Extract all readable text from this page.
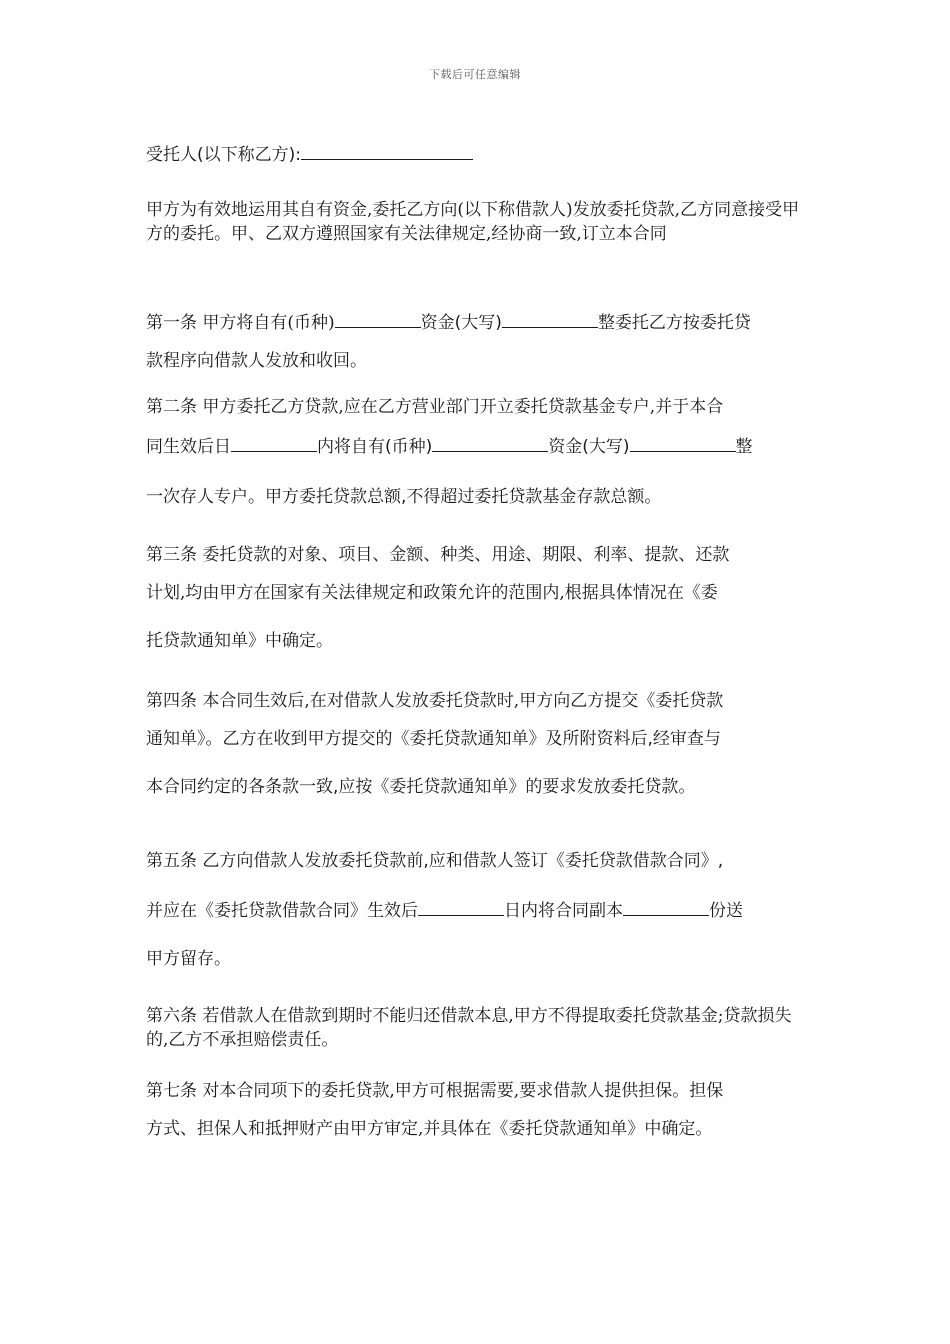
下载后可任意编辑
受托人(以下称乙方):

甲方为有效地运用其自有资金,委托乙方向(以下称借款人)发放委托贷款,乙方同意接受甲方的委托。甲、乙双方遵照国家有关法律规定,经协商一致,订立本合同

第一条 甲方将自有(币种)	资金(大写)	整委托乙方按委托贷
款程序向借款人发放和收回。
第二条 甲方委托乙方贷款,应在乙方营业部门开立委托贷款基金专户,并于本合
同生效后日	内将自有(币种)	资金(大写)	整
一次存人专户。甲方委托贷款总额,不得超过委托贷款基金存款总额。
第三条 委托贷款的对象、项目、金额、种类、用途、期限、利率、提款、还款
计划,均由甲方在国家有关法律规定和政策允许的范围内,根据具体情况在《委
托贷款通知单》中确定。
第四条 本合同生效后,在对借款人发放委托贷款时,甲方向乙方提交《委托贷款
通知单》。乙方在收到甲方提交的《委托贷款通知单》及所附资料后,经审查与
本合同约定的各条款一致,应按《委托贷款通知单》的要求发放委托贷款。
第五条 乙方向借款人发放委托贷款前,应和借款人签订《委托贷款借款合同》,
并应在《委托贷款借款合同》生效后	日内将合同副本	份送
甲方留存。

第六条 若借款人在借款到期时不能归还借款本息,甲方不得提取委托贷款基金;贷款损失的,乙方不承担赔偿责任。

第七条 对本合同项下的委托贷款,甲方可根据需要,要求借款人提供担保。担保
方式、担保人和抵押财产由甲方审定,并具体在《委托贷款通知单》中确定。
